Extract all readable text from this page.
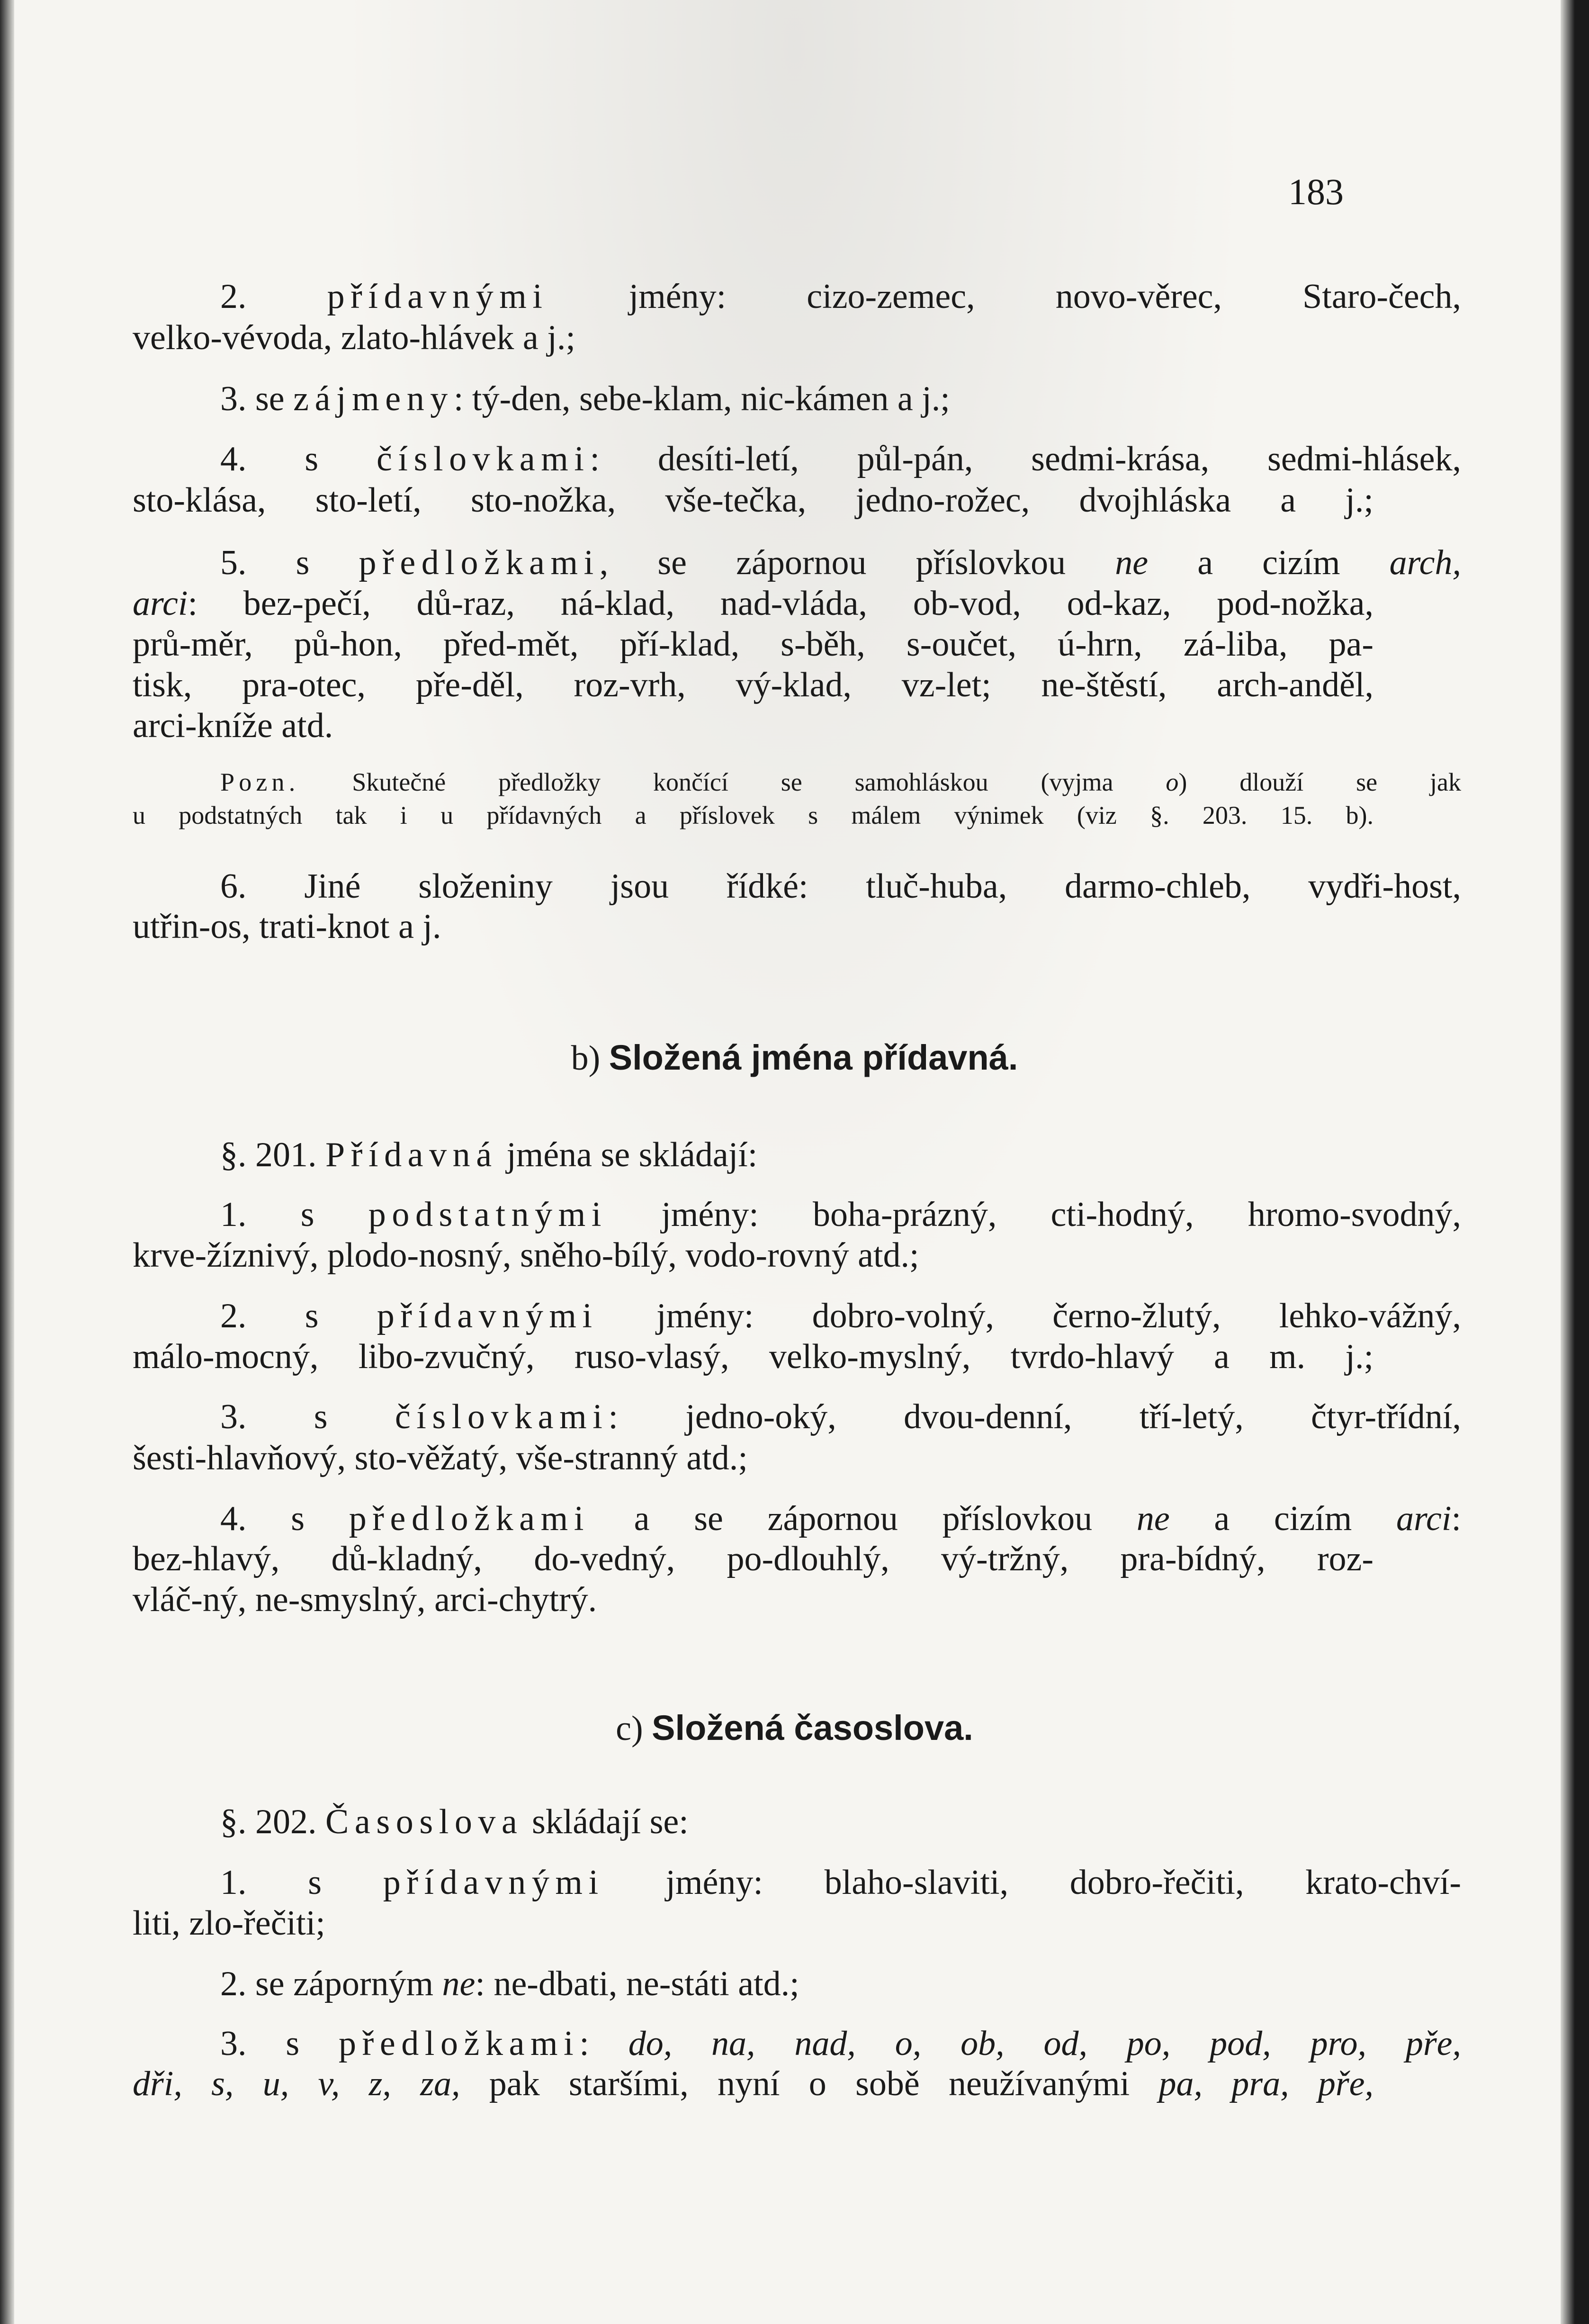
183

2. přídavnými jmény: cizo-zemec, novo-věrec, Staro-čech,

velko-vévoda, zlato-hlávek a j.;

3. se zájmeny: tý-den, sebe-klam, nic-kámen a j.;

4. s číslovkami: desíti-letí, půl-pán, sedmi-krása, sedmi-hlásek,

sto-klása, sto-letí, sto-nožka, vše-tečka, jedno-rožec, dvojhláska a j.;

5. s předložkami, se zápornou příslovkou ne a cizím arch,

arci: bez-pečí, dů-raz, ná-klad, nad-vláda, ob-vod, od-kaz, pod-nožka,

prů-měr, pů-hon, před-mět, pří-klad, s-běh, s-oučet, ú-hrn, zá-liba, pa-

tisk, pra-otec, pře-děl, roz-vrh, vý-klad, vz-let; ne-štěstí, arch-anděl,

arci-kníže atd.

Pozn. Skutečné předložky končící se samohláskou (vyjma o) dlouží se jak

u podstatných tak i u přídavných a příslovek s málem výnimek (viz §. 203. 15. b).

6. Jiné složeniny jsou řídké: tluč-huba, darmo-chleb, vydři-host,

utřin-os, trati-knot a j.

b) Složená jména přídavná.

§. 201. Přídavná jména se skládají:

1. s podstatnými jmény: boha-prázný, cti-hodný, hromo-svodný,

krve-žíznivý, plodo-nosný, sněho-bílý, vodo-rovný atd.;

2. s přídavnými jmény: dobro-volný, černo-žlutý, lehko-vážný,

málo-mocný, libo-zvučný, ruso-vlasý, velko-myslný, tvrdo-hlavý a m. j.;

3. s číslovkami: jedno-oký, dvou-denní, tří-letý, čtyr-třídní,

šesti-hlavňový, sto-věžatý, vše-stranný atd.;

4. s předložkami a se zápornou příslovkou ne a cizím arci:

bez-hlavý, dů-kladný, do-vedný, po-dlouhlý, vý-tržný, pra-bídný, roz-

vláč-ný, ne-smyslný, arci-chytrý.

c) Složená časoslova.

§. 202. Časoslova skládají se:

1. s přídavnými jmény: blaho-slaviti, dobro-řečiti, krato-chví-

liti, zlo-řečiti;

2. se záporným ne: ne-dbati, ne-státi atd.;

3. s předložkami: do, na, nad, o, ob, od, po, pod, pro, pře,

dři, s, u, v, z, za, pak staršími, nyní o sobě neužívanými pa, pra, pře,
